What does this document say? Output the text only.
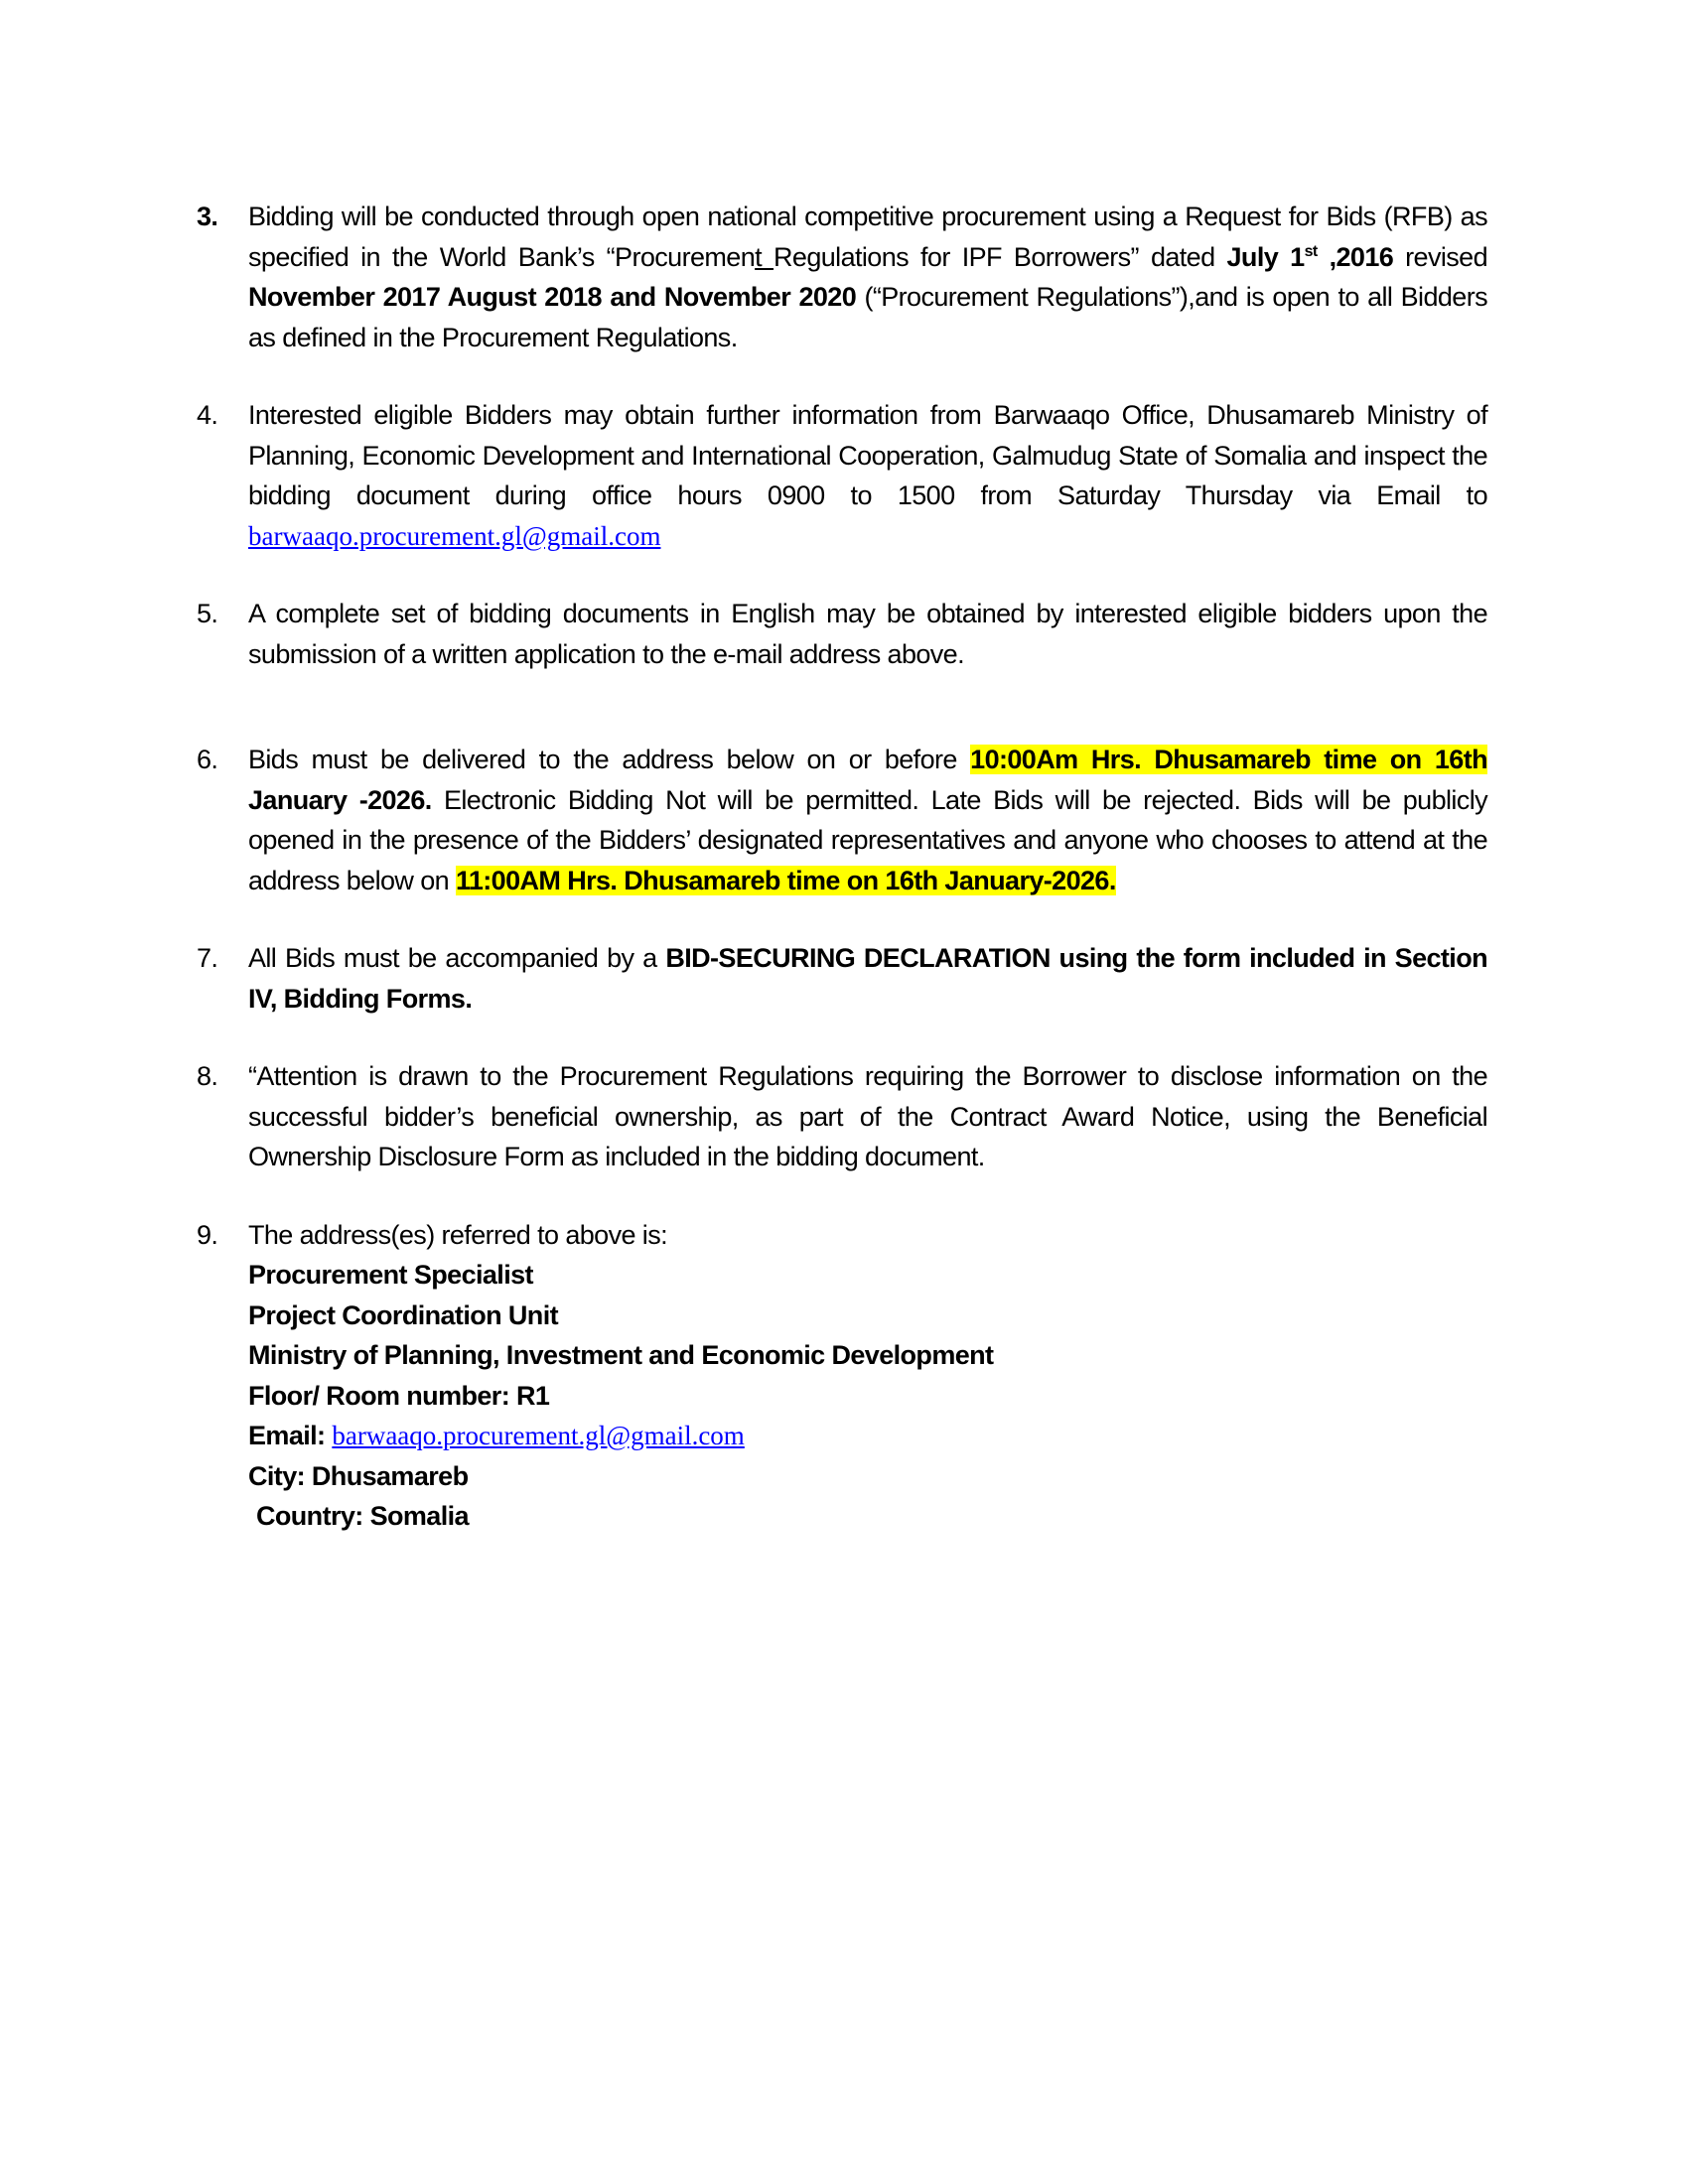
3.	Bidding will be conducted through open national competitive procurement using a Request for Bids (RFB) as specified in the World Bank’s “Procurement Regulations for IPF Borrowers” dated July 1st ,2016 revised November 2017 August 2018 and November 2020 (“Procurement Regulations”),and is open to all Bidders as defined in the Procurement Regulations.
4.	Interested eligible Bidders may obtain further information from Barwaaqo Office, Dhusamareb Ministry of Planning, Economic Development and International Cooperation, Galmudug State of Somalia and inspect the bidding document during office hours 0900 to 1500 from Saturday Thursday via Email to barwaaqo.procurement.gl@gmail.com
5.	A complete set of bidding documents in English may be obtained by interested eligible bidders upon the submission of a written application to the e-mail address above.
6.	Bids must be delivered to the address below on or before 10:00Am Hrs. Dhusamareb time on 16th January -2026. Electronic Bidding Not will be permitted. Late Bids will be rejected. Bids will be publicly opened in the presence of the Bidders’ designated representatives and anyone who chooses to attend at the address below on 11:00AM Hrs. Dhusamareb time on 16th January-2026.
7.	All Bids must be accompanied by a BID-SECURING DECLARATION using the form included in Section IV, Bidding Forms.
8.	“Attention is drawn to the Procurement Regulations requiring the Borrower to disclose information on the successful bidder’s beneficial ownership, as part of the Contract Award Notice, using the Beneficial Ownership Disclosure Form as included in the bidding document.
9.	The address(es) referred to above is:
Procurement Specialist
Project Coordination Unit
Ministry of Planning, Investment and Economic Development
Floor/ Room number: R1
Email: barwaaqo.procurement.gl@gmail.com
City: Dhusamareb
Country: Somalia
